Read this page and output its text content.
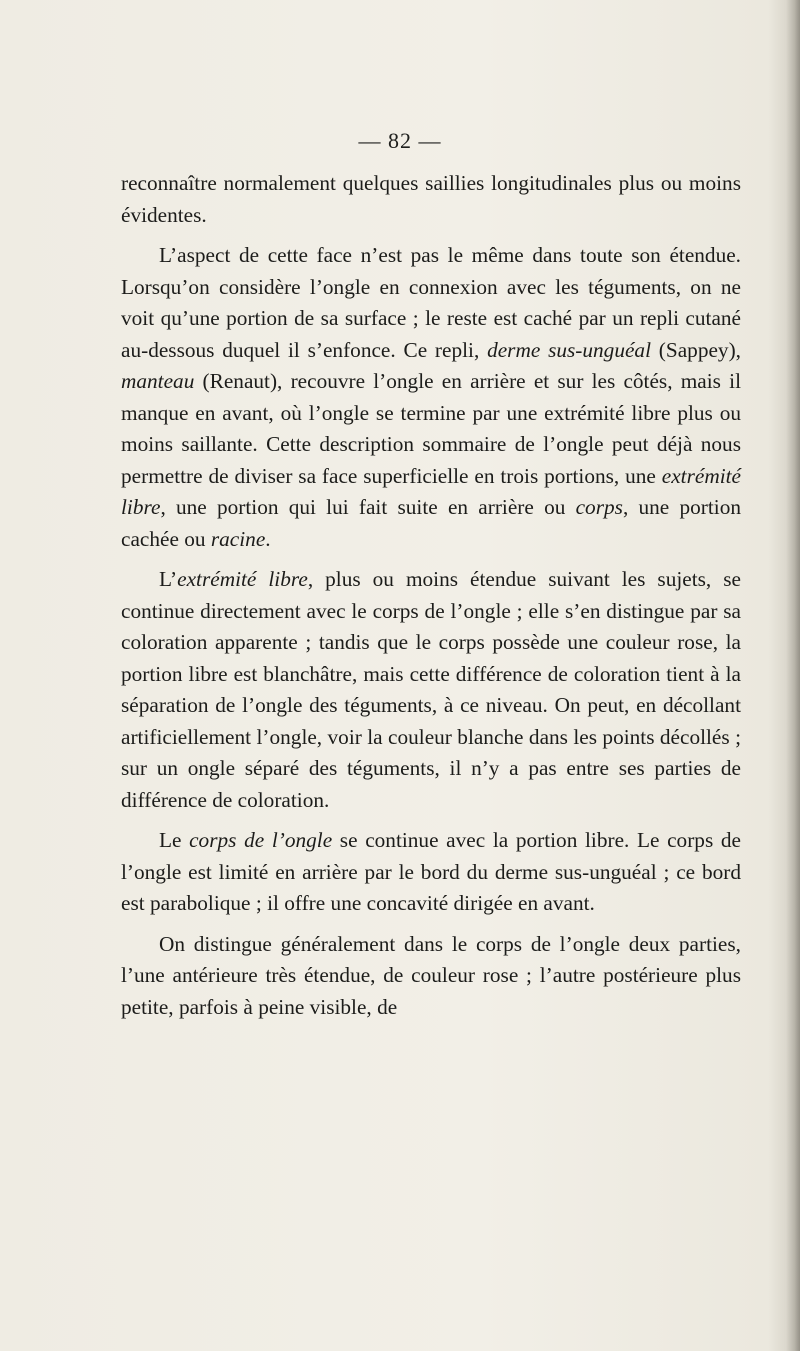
— 82 —

reconnaître normalement quelques saillies longitudinales plus ou moins évidentes.

L’aspect de cette face n’est pas le même dans toute son étendue. Lorsqu’on considère l’ongle en connexion avec les téguments, on ne voit qu’une portion de sa surface ; le reste est caché par un repli cutané au-dessous duquel il s’enfonce. Ce repli, derme sus-unguéal (Sappey), manteau (Renaut), recouvre l’ongle en arrière et sur les côtés, mais il manque en avant, où l’ongle se termine par une extrémité libre plus ou moins saillante. Cette description sommaire de l’ongle peut déjà nous permettre de diviser sa face superficielle en trois portions, une extrémité libre, une portion qui lui fait suite en arrière ou corps, une portion cachée ou racine.

L’extrémité libre, plus ou moins étendue suivant les sujets, se continue directement avec le corps de l’ongle ; elle s’en distingue par sa coloration apparente ; tandis que le corps possède une couleur rose, la portion libre est blanchâtre, mais cette différence de coloration tient à la séparation de l’ongle des téguments, à ce niveau. On peut, en décollant artificiellement l’ongle, voir la couleur blanche dans les points décollés ; sur un ongle séparé des téguments, il n’y a pas entre ses parties de différence de coloration.

Le corps de l’ongle se continue avec la portion libre. Le corps de l’ongle est limité en arrière par le bord du derme sus-unguéal ; ce bord est parabolique ; il offre une concavité dirigée en avant.

On distingue généralement dans le corps de l’ongle deux parties, l’une antérieure très étendue, de couleur rose ; l’autre postérieure plus petite, parfois à peine visible, de
